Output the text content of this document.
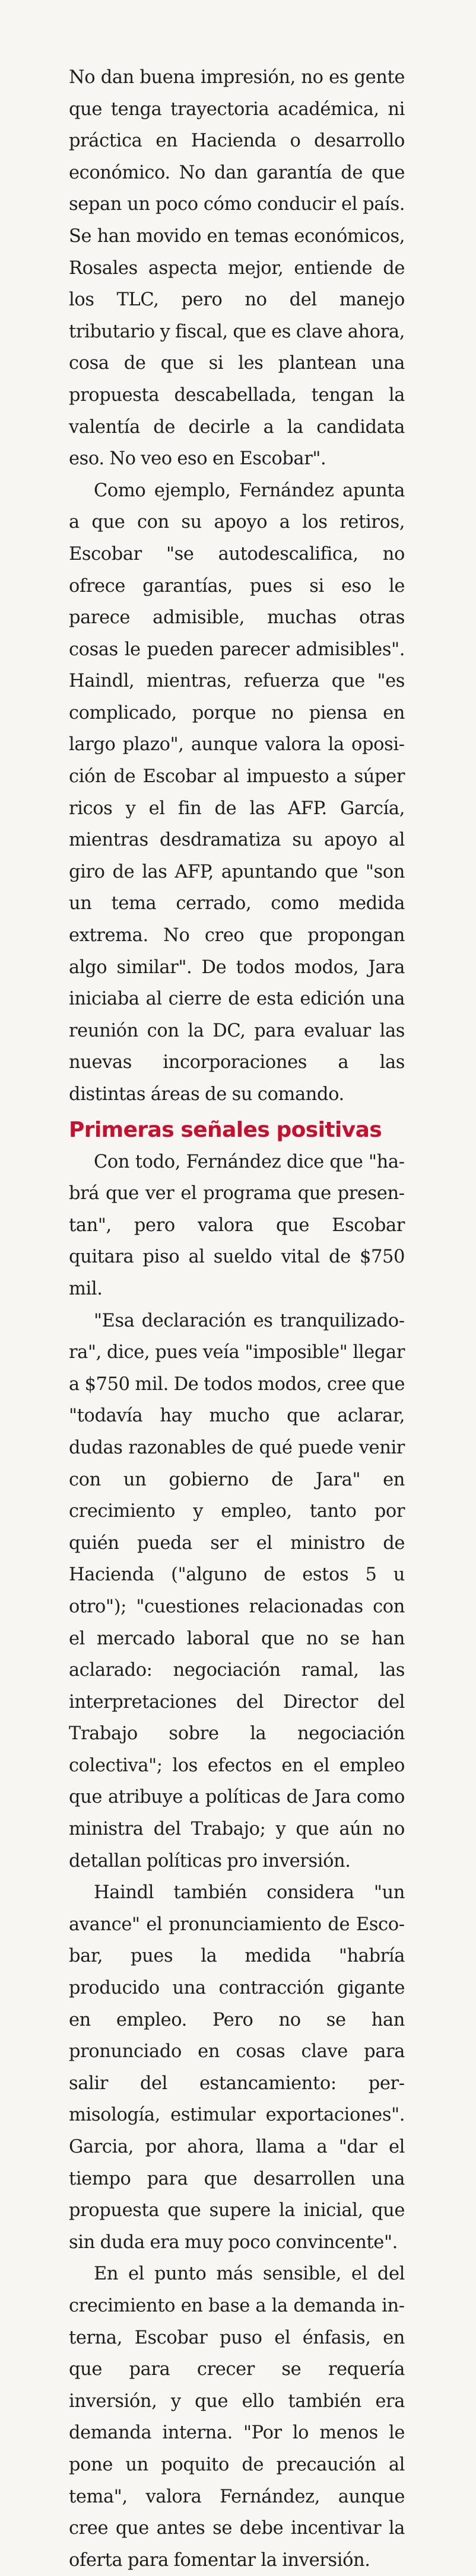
No dan buena impresión, no es gente que tenga trayectoria académica, ni práctica en Hacienda o desarrollo económico. No dan garantía de que sepan un poco cómo conducir el país. Se han movido en temas económicos, Rosales aspecta mejor, entiende de los TLC, pero no del manejo tributario y fiscal, que es clave ahora, cosa de que si les plantean una propuesta descabellada, tengan la valentía de decirle a la candidata eso. No veo eso en Escobar".

Como ejemplo, Fernández apunta a que con su apoyo a los retiros, Escobar "se autodescalifica, no ofrece garantías, pues si eso le parece admisible, muchas otras cosas le pueden parecer admisibles". Haindl, mientras, refuerza que "es complicado, porque no piensa en largo plazo", aunque valora la oposición de Escobar al impuesto a súper ricos y el fin de las AFP. García, mientras desdramatiza su apoyo al giro de las AFP, apuntando que "son un tema cerrado, como medida extrema. No creo que propongan algo similar". De todos modos, Jara iniciaba al cierre de esta edición una reunión con la DC, para evaluar las nuevas incorporaciones a las distintas áreas de su comando.

Primeras señales positivas

Con todo, Fernández dice que "habrá que ver el programa que presentan", pero valora que Escobar quitara piso al sueldo vital de $750 mil.

"Esa declaración es tranquilizadora", dice, pues veía "imposible" llegar a $750 mil. De todos modos, cree que "todavía hay mucho que aclarar, dudas razonables de qué puede venir con un gobierno de Jara" en crecimiento y empleo, tanto por quién pueda ser el ministro de Hacienda ("alguno de estos 5 u otro"); "cuestiones relacionadas con el mercado laboral que no se han aclarado: negociación ramal, las interpretaciones del Director del Trabajo sobre la negociación colectiva"; los efectos en el empleo que atribuye a políticas de Jara como ministra del Trabajo; y que aún no detallan políticas pro inversión.

Haindl también considera "un avance" el pronunciamiento de Escobar, pues la medida "habría producido una contracción gigante en empleo. Pero no se han pronunciado en cosas clave para salir del estancamiento: permisología, estimular exportaciones". Garcia, por ahora, llama a "dar el tiempo para que desarrollen una propuesta que supere la inicial, que sin duda era muy poco convincente".

En el punto más sensible, el del crecimiento en base a la demanda interna, Escobar puso el énfasis, en que para crecer se requería inversión, y que ello también era demanda interna. "Por lo menos le pone un poquito de precaución al tema", valora Fernández, aunque cree que antes se debe incentivar la oferta para fomentar la inversión.
